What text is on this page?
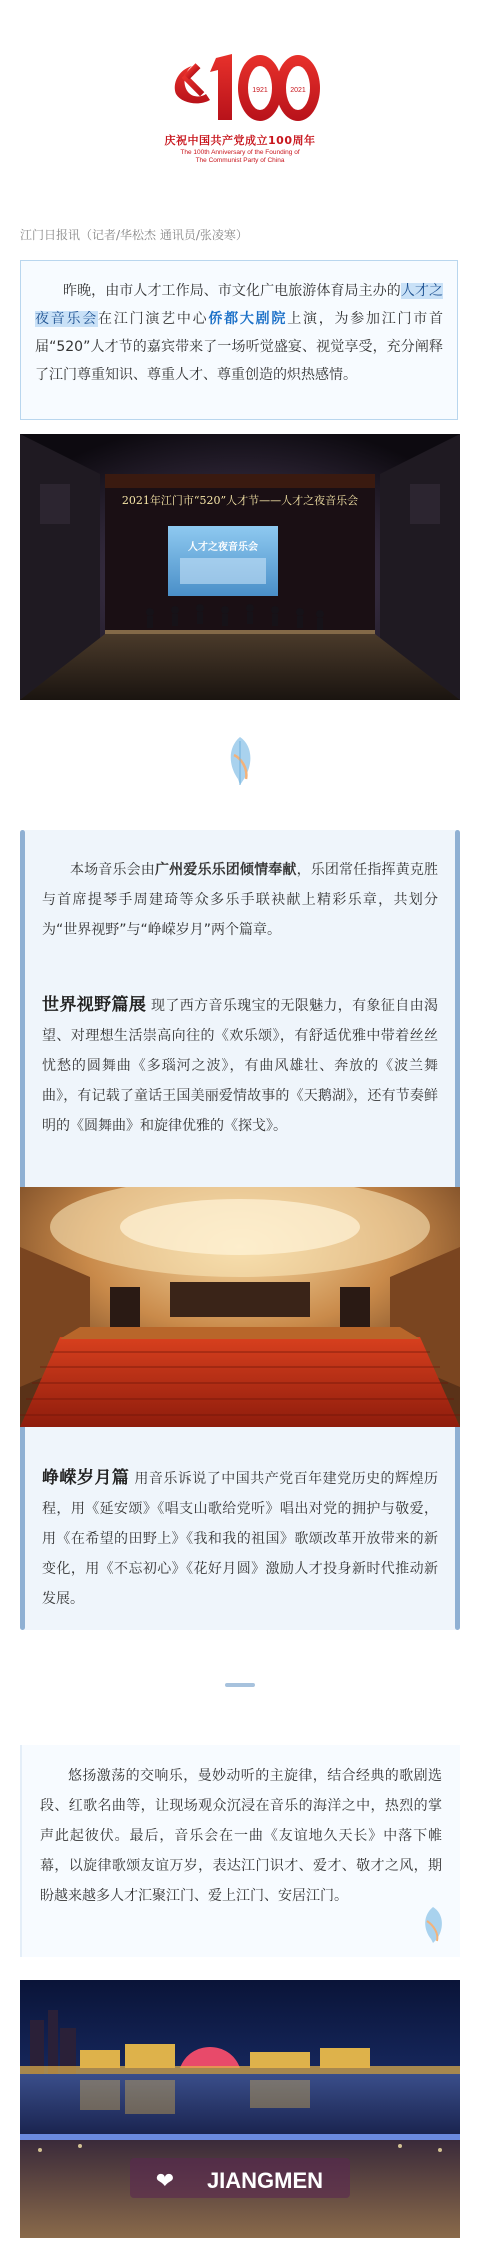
1921	2021
庆祝中国共产党成立100周年
The 100th Anniversary of the Founding of
The Communist Party of China
江门日报讯（记者/华松杰 通讯员/张凌寒）

昨晚，由市人才工作局、市文化广电旅游体育局主办的人才之夜音乐会在江门演艺中心侨都大剧院上演，为参加江门市首届“520”人才节的嘉宾带来了一场听觉盛宴、视觉享受，充分阐释了江门尊重知识、尊重人才、尊重创造的炽热感情。

2021年江门市“520”人才节——人才之夜音乐会
人才之夜音乐会
本场音乐会由广州爱乐乐团倾情奉献，乐团常任指挥黄克胜与首席提琴手周建琦等众多乐手联袂献上精彩乐章，共划分为“世界视野”与“峥嵘岁月”两个篇章。
世界视野篇展 现了西方音乐瑰宝的无限魅力，有象征自由渴望、对理想生活崇高向往的《欢乐颂》，有舒适优雅中带着丝丝忧愁的圆舞曲《多瑙河之波》，有曲风雄壮、奔放的《波兰舞曲》，有记载了童话王国美丽爱情故事的《天鹅湖》，还有节奏鲜明的《圆舞曲》和旋律优雅的《探戈》。
峥嵘岁月篇 用音乐诉说了中国共产党百年建党历史的辉煌历程，用《延安颂》《唱支山歌给党听》唱出对党的拥护与敬爱，用《在希望的田野上》《我和我的祖国》歌颂改革开放带来的新变化，用《不忘初心》《花好月圆》激励人才投身新时代推动新发展。

悠扬激荡的交响乐，曼妙动听的主旋律，结合经典的歌剧选段、红歌名曲等，让现场观众沉浸在音乐的海洋之中，热烈的掌声此起彼伏。最后，音乐会在一曲《友谊地久天长》中落下帷幕，以旋律歌颂友谊万岁，表达江门识才、爱才、敬才之风，期盼越来越多人才汇聚江门、爱上江门、安居江门。

❤ JIANGMEN
